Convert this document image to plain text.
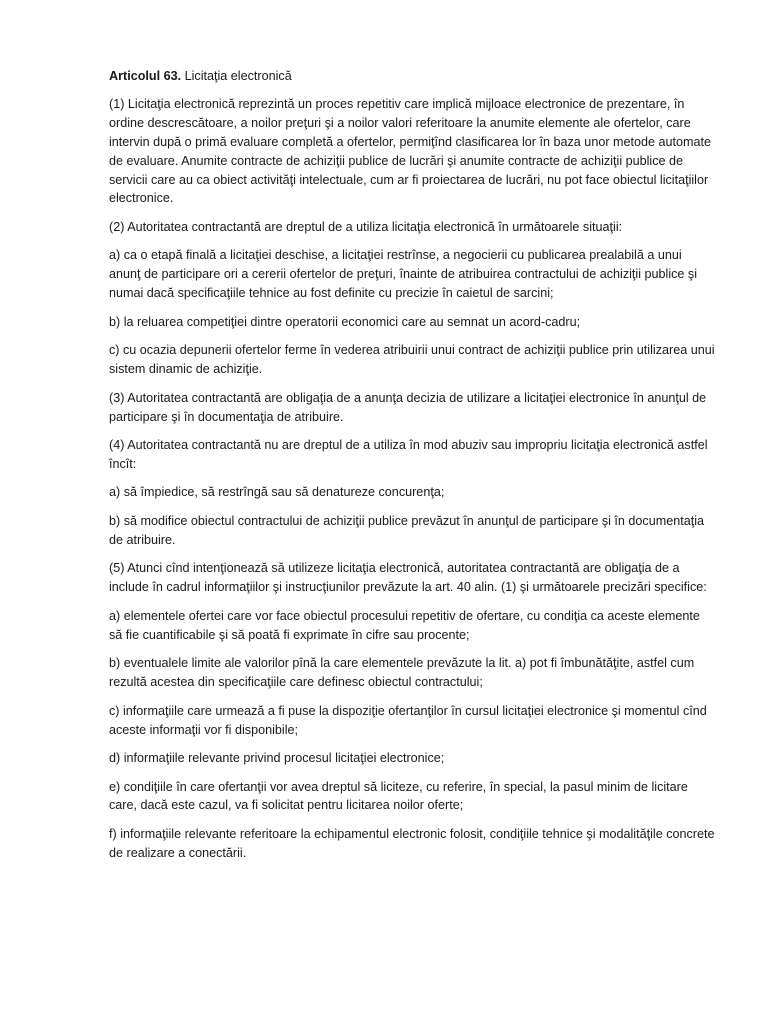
Articolul 63. Licitaţia electronică

(1) Licitaţia electronică reprezintă un proces repetitiv care implică mijloace electronice de prezentare, în ordine descrescătoare, a noilor preţuri şi a noilor valori referitoare la anumite elemente ale ofertelor, care intervin după o primă evaluare completă a ofertelor, permiţînd clasificarea lor în baza unor metode automate de evaluare. Anumite contracte de achiziţii publice de lucrări şi anumite contracte de achiziţii publice de servicii care au ca obiect activităţi intelectuale, cum ar fi proiectarea de lucrări, nu pot face obiectul licitaţiilor electronice.

(2) Autoritatea contractantă are dreptul de a utiliza licitaţia electronică în următoarele situaţii:

a) ca o etapă finală a licitaţiei deschise, a licitaţiei restrînse, a negocierii cu publicarea prealabilă a unui anunţ de participare ori a cererii ofertelor de preţuri, înainte de atribuirea contractului de achiziţii publice şi numai dacă specificaţiile tehnice au fost definite cu precizie în caietul de sarcini;

b) la reluarea competiţiei dintre operatorii economici care au semnat un acord-cadru;

c) cu ocazia depunerii ofertelor ferme în vederea atribuirii unui contract de achiziţii publice prin utilizarea unui sistem dinamic de achiziţie.

(3) Autoritatea contractantă are obligaţia de a anunţa decizia de utilizare a licitaţiei electronice în anunţul de participare şi în documentaţia de atribuire.

(4) Autoritatea contractantă nu are dreptul de a utiliza în mod abuziv sau impropriu licitaţia electronică astfel încît:

a) să împiedice, să restrîngă sau să denatureze concurenţa;

b) să modifice obiectul contractului de achiziţii publice prevăzut în anunţul de participare şi în documentaţia de atribuire.

(5) Atunci cînd intenţionează să utilizeze licitaţia electronică, autoritatea contractantă are obligaţia de a include în cadrul informaţiilor şi instrucţiunilor prevăzute la art. 40 alin. (1) şi următoarele precizări specifice:

a) elementele ofertei care vor face obiectul procesului repetitiv de ofertare, cu condiţia ca aceste elemente să fie cuantificabile şi să poată fi exprimate în cifre sau procente;

b) eventualele limite ale valorilor pînă la care elementele prevăzute la lit. a) pot fi îmbunătăţite, astfel cum rezultă acestea din specificaţiile care definesc obiectul contractului;

c) informaţiile care urmează a fi puse la dispoziţie ofertanţilor în cursul licitaţiei electronice şi momentul cînd aceste informaţii vor fi disponibile;

d) informaţiile relevante privind procesul licitaţiei electronice;

e) condiţiile în care ofertanţii vor avea dreptul să liciteze, cu referire, în special, la pasul minim de licitare care, dacă este cazul, va fi solicitat pentru licitarea noilor oferte;

f) informaţiile relevante referitoare la echipamentul electronic folosit, condiţiile tehnice şi modalităţile concrete de realizare a conectării.
